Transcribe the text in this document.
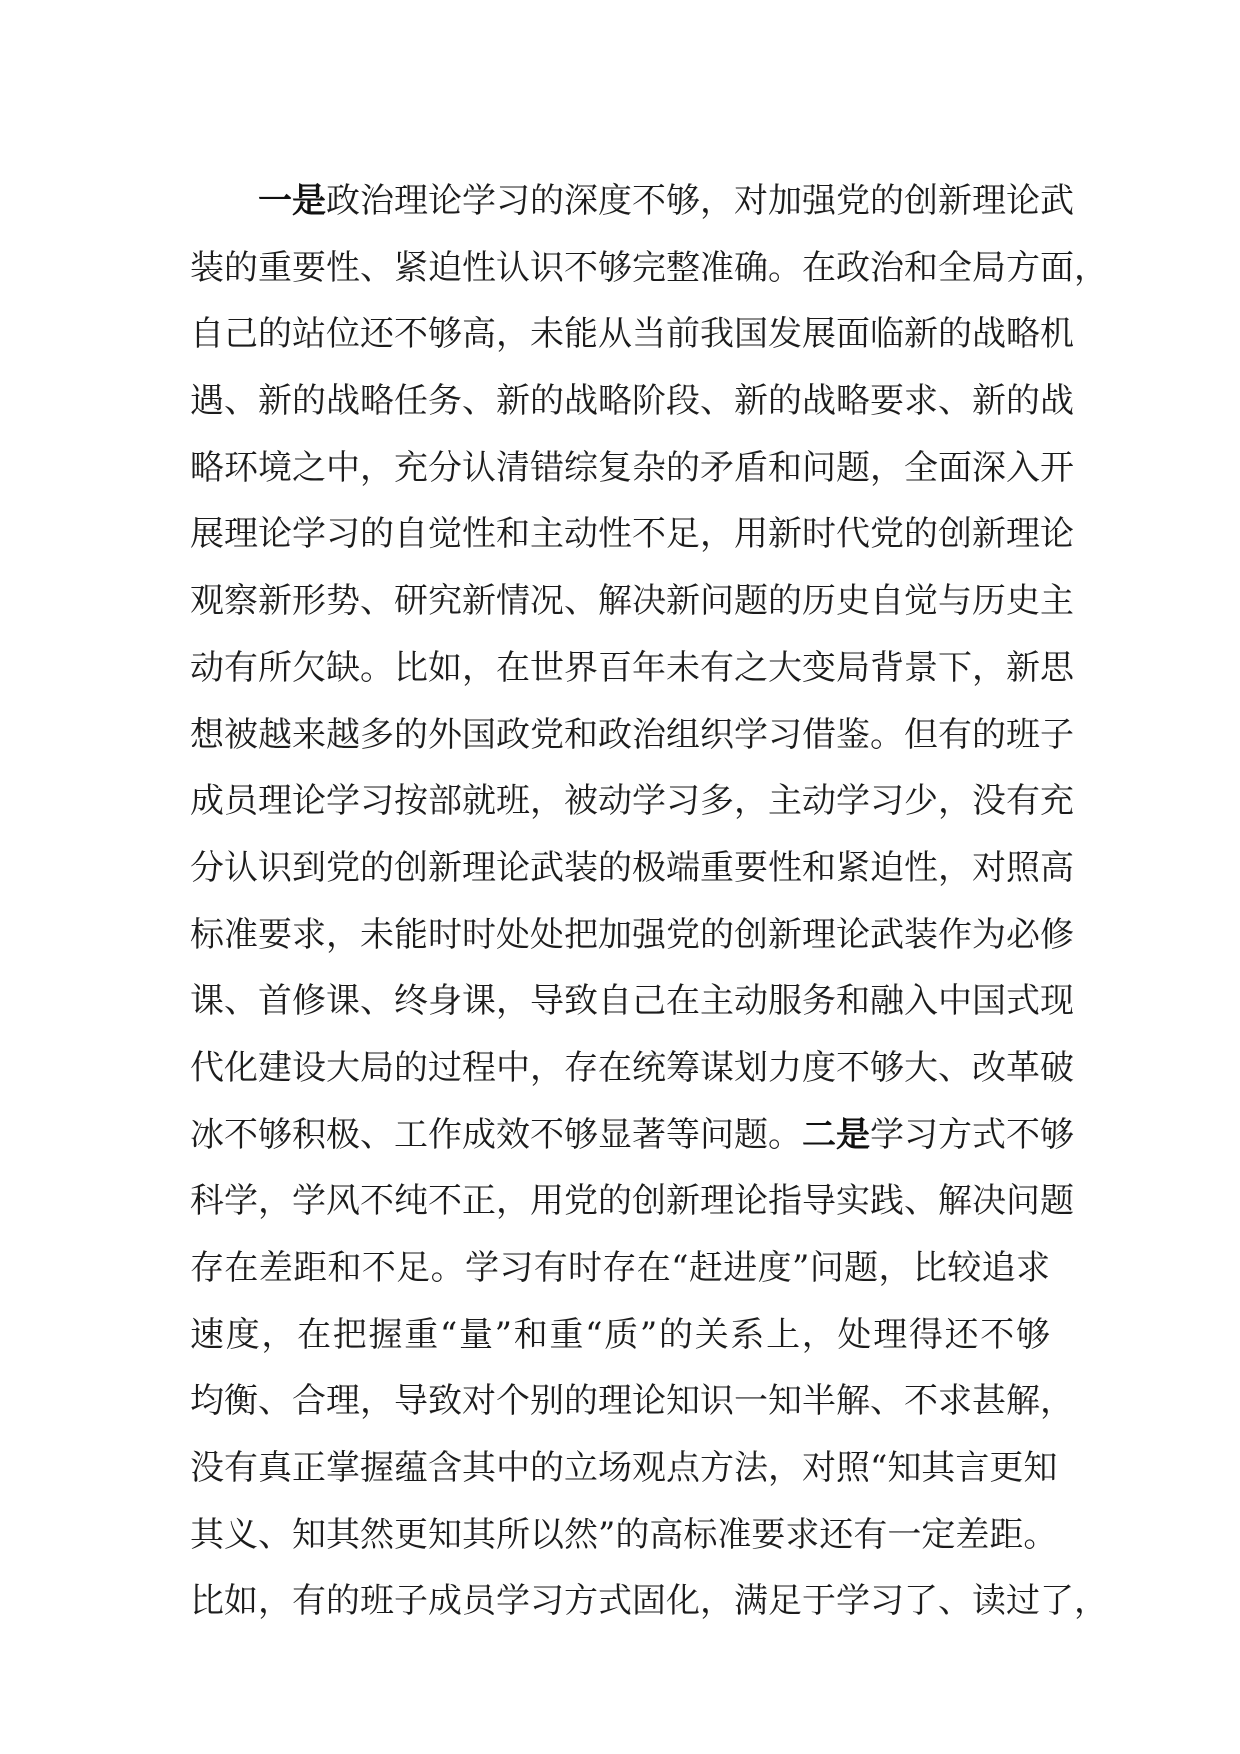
一是政治理论学习的深度不够，对加强党的创新理论武
装的重要性、紧迫性认识不够完整准确。在政治和全局方面，
自己的站位还不够高，未能从当前我国发展面临新的战略机
遇、新的战略任务、新的战略阶段、新的战略要求、新的战
略环境之中，充分认清错综复杂的矛盾和问题，全面深入开
展理论学习的自觉性和主动性不足，用新时代党的创新理论
观察新形势、研究新情况、解决新问题的历史自觉与历史主
动有所欠缺。比如，在世界百年未有之大变局背景下，新思
想被越来越多的外国政党和政治组织学习借鉴。但有的班子
成员理论学习按部就班，被动学习多，主动学习少，没有充
分认识到党的创新理论武装的极端重要性和紧迫性，对照高
标准要求，未能时时处处把加强党的创新理论武装作为必修
课、首修课、终身课，导致自己在主动服务和融入中国式现
代化建设大局的过程中，存在统筹谋划力度不够大、改革破
冰不够积极、工作成效不够显著等问题。二是学习方式不够
科学，学风不纯不正，用党的创新理论指导实践、解决问题
存在差距和不足。学习有时存在“赶进度”问题，比较追求
速度，在把握重“量”和重“质”的关系上，处理得还不够
均衡、合理，导致对个别的理论知识一知半解、不求甚解，
没有真正掌握蕴含其中的立场观点方法，对照“知其言更知
其义、知其然更知其所以然”的高标准要求还有一定差距。
比如，有的班子成员学习方式固化，满足于学习了、读过了，
